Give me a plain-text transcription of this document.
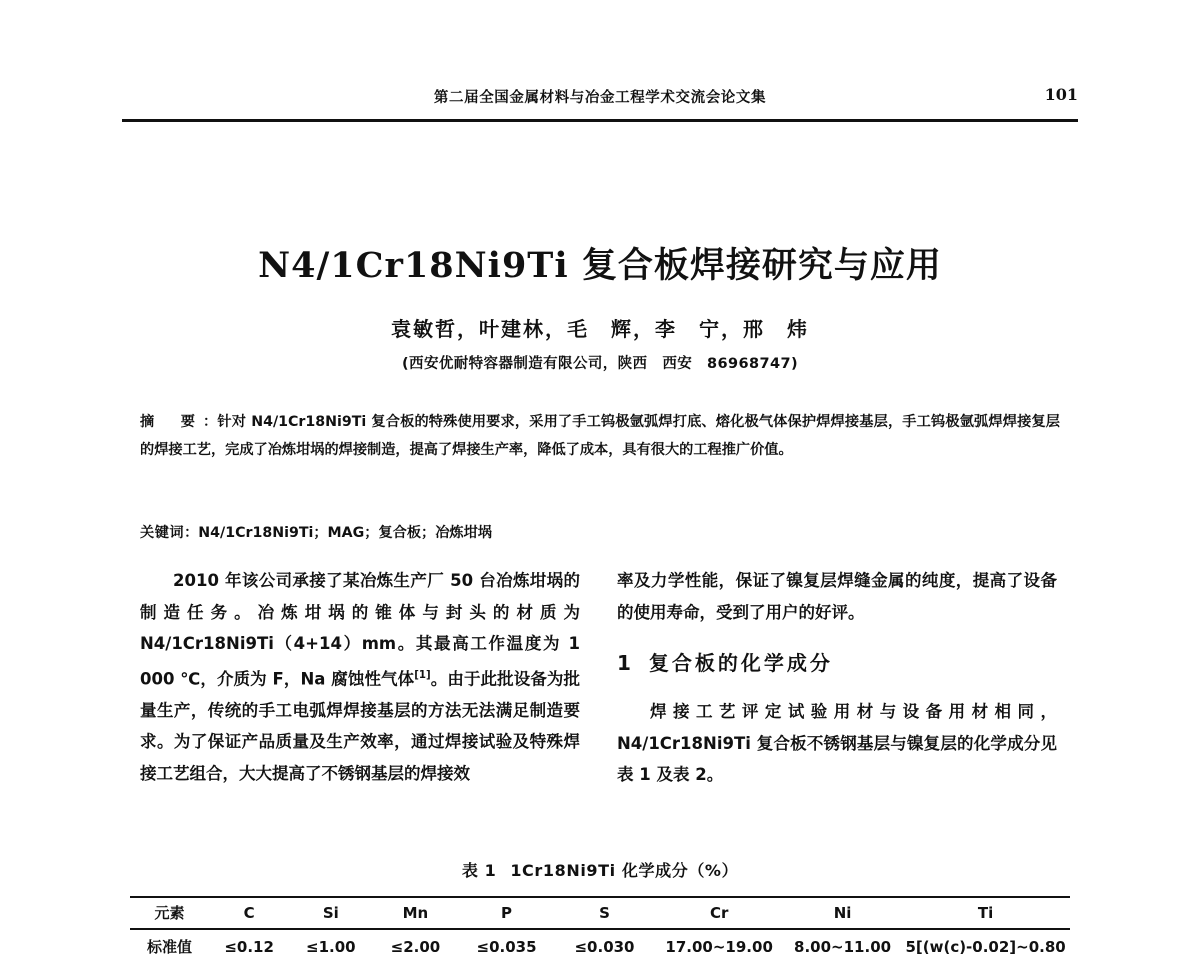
第二届全国金属材料与冶金工程学术交流会论文集	101
N4/1Cr18Ni9Ti 复合板焊接研究与应用
袁敏哲，叶建林，毛　辉，李　宁，邢　炜
(西安优耐特容器制造有限公司，陕西　西安　86968747)
摘　要 ：针对 N4/1Cr18Ni9Ti 复合板的特殊使用要求，采用了手工钨极氩弧焊打底、熔化极气体保护焊焊接基层，手工钨极氩弧焊焊接复层的焊接工艺，完成了冶炼坩埚的焊接制造，提高了焊接生产率，降低了成本，具有很大的工程推广价值。
关键词：N4/1Cr18Ni9Ti；MAG；复合板；冶炼坩埚

2010 年该公司承接了某冶炼生产厂 50 台冶炼坩埚的制造任务。冶炼坩埚的锥体与封头的材质为 N4/1Cr18Ni9Ti（4+14）mm。其最高工作温度为 1 000 ℃，介质为 F，Na 腐蚀性气体[1]。由于此批设备为批量生产，传统的手工电弧焊焊接基层的方法无法满足制造要求。为了保证产品质量及生产效率，通过焊接试验及特殊焊接工艺组合，大大提高了不锈钢基层的焊接效

率及力学性能，保证了镍复层焊缝金属的纯度，提高了设备的使用寿命，受到了用户的好评。

1 复合板的化学成分

焊接工艺评定试验用材与设备用材相同，N4/1Cr18Ni9Ti 复合板不锈钢基层与镍复层的化学成分见表 1 及表 2。

表 1 1Cr18Ni9Ti 化学成分（%）
元素	C	Si	Mn	P	S	Cr	Ni	Ti
标准值	≤0.12	≤1.00	≤2.00	≤0.035	≤0.030	17.00~19.00	8.00~11.00	5[(w(c)-0.02]~0.80
